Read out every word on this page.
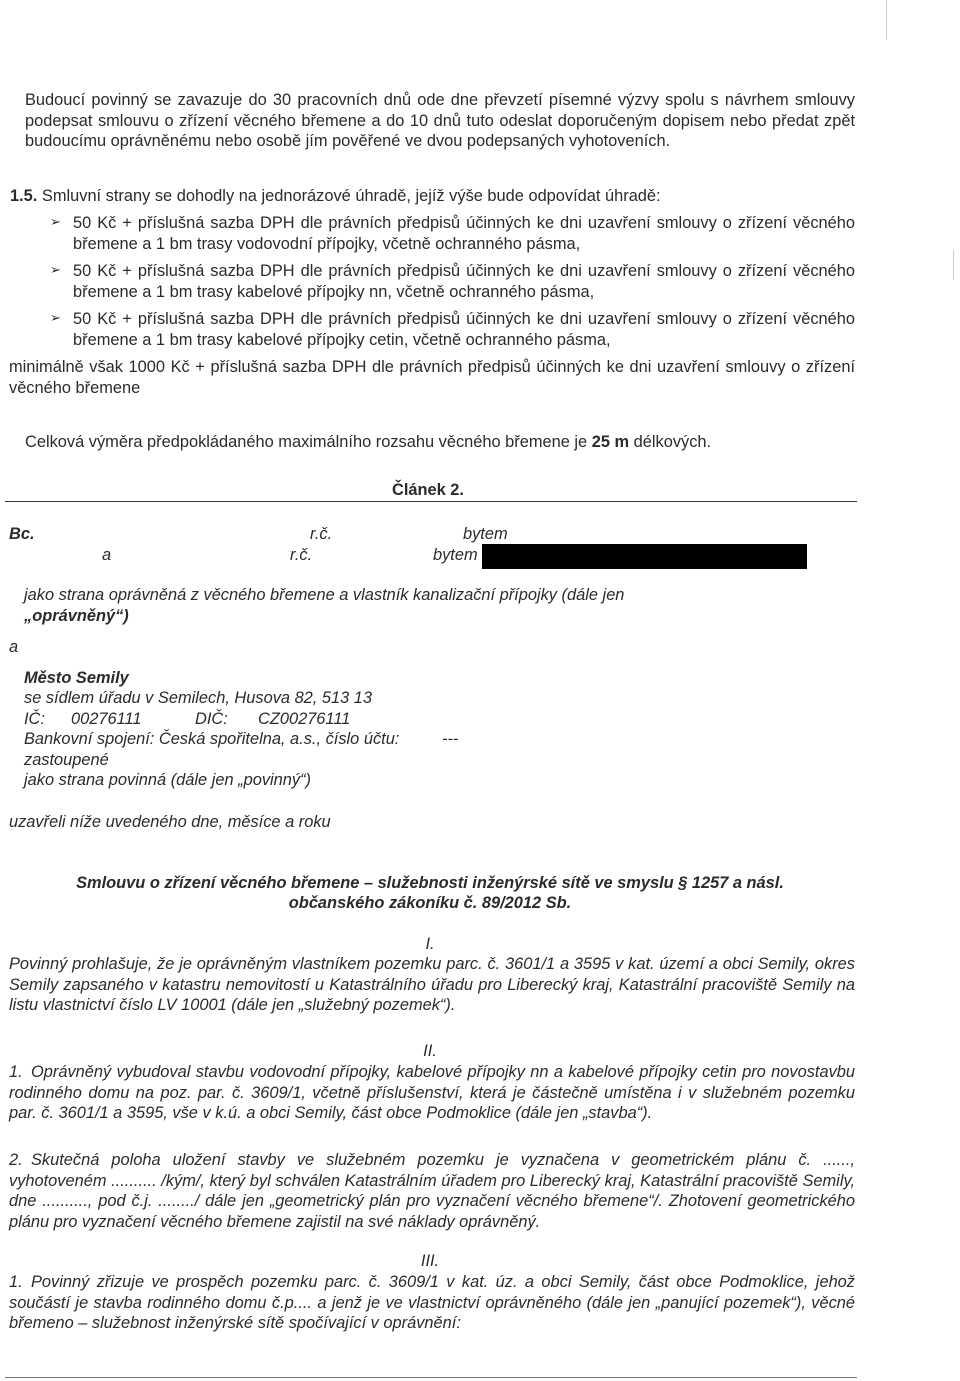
Budoucí povinný se zavazuje do 30 pracovních dnů ode dne převzetí písemné výzvy spolu s návrhem smlouvy podepsat smlouvu o zřízení věcného břemene a do 10 dnů tuto odeslat doporučeným dopisem nebo předat zpět budoucímu oprávněnému nebo osobě jím pověřené ve dvou podepsaných vyhotoveních.

1.5. Smluvní strany se dohodly na jednorázové úhradě, jejíž výše bude odpovídat úhradě:

➢ 50 Kč + příslušná sazba DPH dle právních předpisů účinných ke dni uzavření smlouvy o zřízení věcného břemene a 1 bm trasy vodovodní přípojky, včetně ochranného pásma,

➢ 50 Kč + příslušná sazba DPH dle právních předpisů účinných ke dni uzavření smlouvy o zřízení věcného břemene a 1 bm trasy kabelové přípojky nn, včetně ochranného pásma,

➢ 50 Kč + příslušná sazba DPH dle právních předpisů účinných ke dni uzavření smlouvy o zřízení věcného břemene a 1 bm trasy kabelové přípojky cetin, včetně ochranného pásma,

minimálně však 1000 Kč + příslušná sazba DPH dle právních předpisů účinných ke dni uzavření smlouvy o zřízení věcného břemene

Celková výměra předpokládaného maximálního rozsahu věcného břemene je 25 m délkových.

Článek 2.

Bc.	r.č.	bytem
a	r.č.	bytem

jako strana oprávněná z věcného břemene a vlastník kanalizační přípojky (dále jen

„oprávněný“)

a

Město Semily

se sídlem úřadu v Semilech, Husova 82, 513 13

IČ: 00276111	DIČ: CZ00276111
Bankovní spojení: Česká spořitelna, a.s., číslo účtu:	---

zastoupené

jako strana povinná (dále jen „povinný“)

uzavřeli níže uvedeného dne, měsíce a roku

Smlouvu o zřízení věcného břemene – služebnosti inženýrské sítě ve smyslu § 1257 a násl.

občanského zákoníku č. 89/2012 Sb.

I.

Povinný prohlašuje, že je oprávněným vlastníkem pozemku parc. č. 3601/1 a 3595 v kat. území a obci Semily, okres Semily zapsaného v katastru nemovitostí u Katastrálního úřadu pro Liberecký kraj, Katastrální pracoviště Semily na listu vlastnictví číslo LV 10001 (dále jen „služebný pozemek“).

II.

1. Oprávněný vybudoval stavbu vodovodní přípojky, kabelové přípojky nn a kabelové přípojky cetin pro novostavbu rodinného domu na poz. par. č. 3609/1, včetně příslušenství, která je částečně umístěna i v služebném pozemku par. č. 3601/1 a 3595, vše v k.ú. a obci Semily, část obce Podmoklice (dále jen „stavba“).

2. Skutečná poloha uložení stavby ve služebném pozemku je vyznačena v geometrickém plánu č. ......, vyhotoveném .......... /kým/, který byl schválen Katastrálním úřadem pro Liberecký kraj, Katastrální pracoviště Semily, dne .........., pod č.j. ......../ dále jen „geometrický plán pro vyznačení věcného břemene“/. Zhotovení geometrického plánu pro vyznačení věcného břemene zajistil na své náklady oprávněný.

III.

1. Povinný zřizuje ve prospěch pozemku parc. č. 3609/1 v kat. úz. a obci Semily, část obce Podmoklice, jehož součástí je stavba rodinného domu č.p.... a jenž je ve vlastnictví oprávněného (dále jen „panující pozemek“), věcné břemeno – služebnost inženýrské sítě spočívající v oprávnění:
